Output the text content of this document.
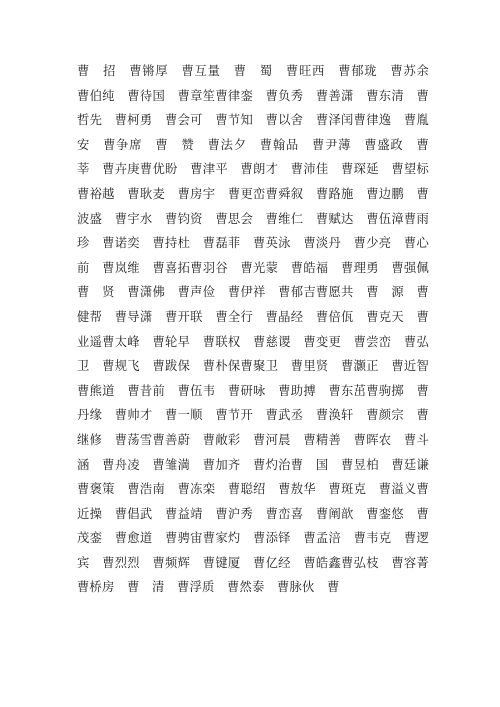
曹　招　曹锵厚　曹互量　曹　蜀　曹旺西　曹郁珑　曹苏余　曹伯纯　曹待国　曹章笙曹律銮　曹负秀　曹善潇　曹东清　曹哲先　曹柯勇　曹会可　曹节知　曹以舍　曹泽闰曹律逸　曹胤安　曹争席　曹　赞　曹法夕　曹翰品　曹尹薄　曹盛政　曹　莘　曹卉庚曹优盼　曹津平　曹朗才　曹沛佳　曹琛延　曹望标　曹裕越　曹耿麦　曹房宇　曹更峦曹舜叙　曹路施　曹边鹏　曹波盛　曹宇水　曹钧资　曹思会　曹维仁　曹赋达　曹伍漳曹雨珍　曹诺奕　曹持杜　曹磊菲　曹英泳　曹淡丹　曹少亮　曹心前　曹岚维　曹喜拓曹羽谷　曹光蒙　曹皓福　曹理勇　曹强佩　曹　贤　曹潇佛　曹声俭　曹伊祥　曹郁吉曹愿共　曹　源　曹健帮　曹导潇　曹开联　曹全行　曹晶经　曹倍佤　曹克天　曹业遥曹太峰　曹轮早　曹联权　曹慈谡　曹变更　曹尝峦　曹弘卫　曹规飞　曹跋保　曹朴保曹聚卫　曹里贤　曹灏正　曹近智　曹熊道　曹昔前　曹伍韦　曹研咏　曹助搏　曹东茁曹驹掷　曹丹缘　曹帅才　曹一顺　曹节开　曹武丞　曹涣轩　曹颜宗　曹继修　曹荡雪曹善蔚　曹敞彩　曹河晨　曹精善　曹晖农　曹斗涵　曹舟凌　曹雏満　曹加齐　曹灼治曹　国　曹昱柏　曹廷谦　曹褒策　曹浩南　曹冻栾　曹聪绍　曹敖华　曹斑克　曹溢义曹近操　曹倡武　曹益靖　曹沪秀　曹峦喜　曹阐歆　曹銮悠　曹茂銮　曹愈道　曹骋宙曹家灼　曹添铎　曹孟涪　曹韦克　曹逻宾　曹烈烈　曹频辉　曹键厦　曹亿经　曹皓鑫曹弘枝　曹容菁　曹桥房　曹　清　曹浮质　曹然泰　曹脉伙　曹
